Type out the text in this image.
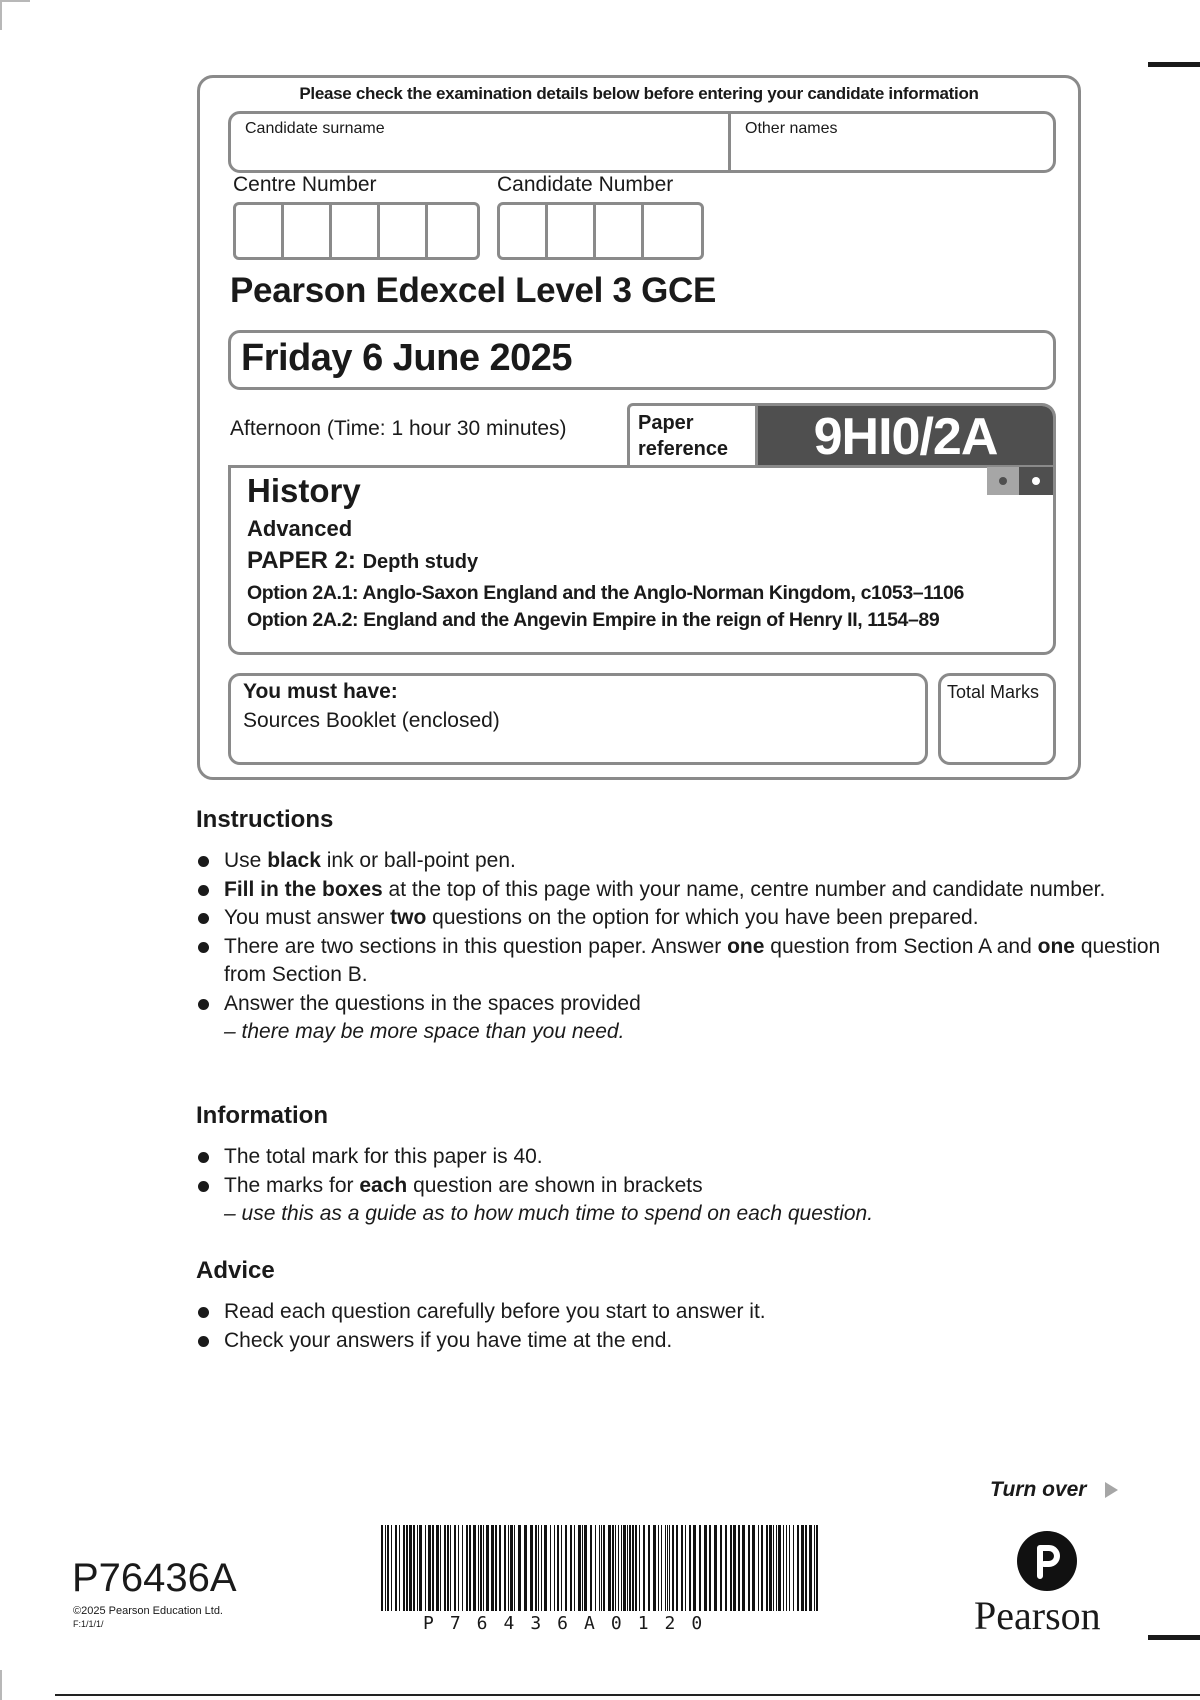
Please check the examination details below before entering your candidate information
Candidate surname	Other names
Centre Number	Candidate Number
Pearson Edexcel Level 3 GCE
Friday 6 June 2025
Afternoon (Time: 1 hour 30 minutes)	Paper
reference	9HI0/2A
History
Advanced
PAPER 2: Depth study
Option 2A.1: Anglo-Saxon England and the Anglo-Norman Kingdom, c1053–1106
Option 2A.2: England and the Angevin Empire in the reign of Henry II, 1154–89
You must have:
Sources Booklet (enclosed)
Total Marks
Instructions
Use black ink or ball-point pen.
Fill in the boxes at the top of this page with your name, centre number and candidate number.
You must answer two questions on the option for which you have been prepared.
There are two sections in this question paper. Answer one question from Section A and one question from Section B.
Answer the questions in the spaces provided
– there may be more space than you need.
Information
The total mark for this paper is 40.
The marks for each question are shown in brackets
– use this as a guide as to how much time to spend on each question.
Advice
Read each question carefully before you start to answer it.
Check your answers if you have time at the end.
Turn over
P76436A
©2025 Pearson Education Ltd.
F:1/1/1/	P76436A0120	Pearson
